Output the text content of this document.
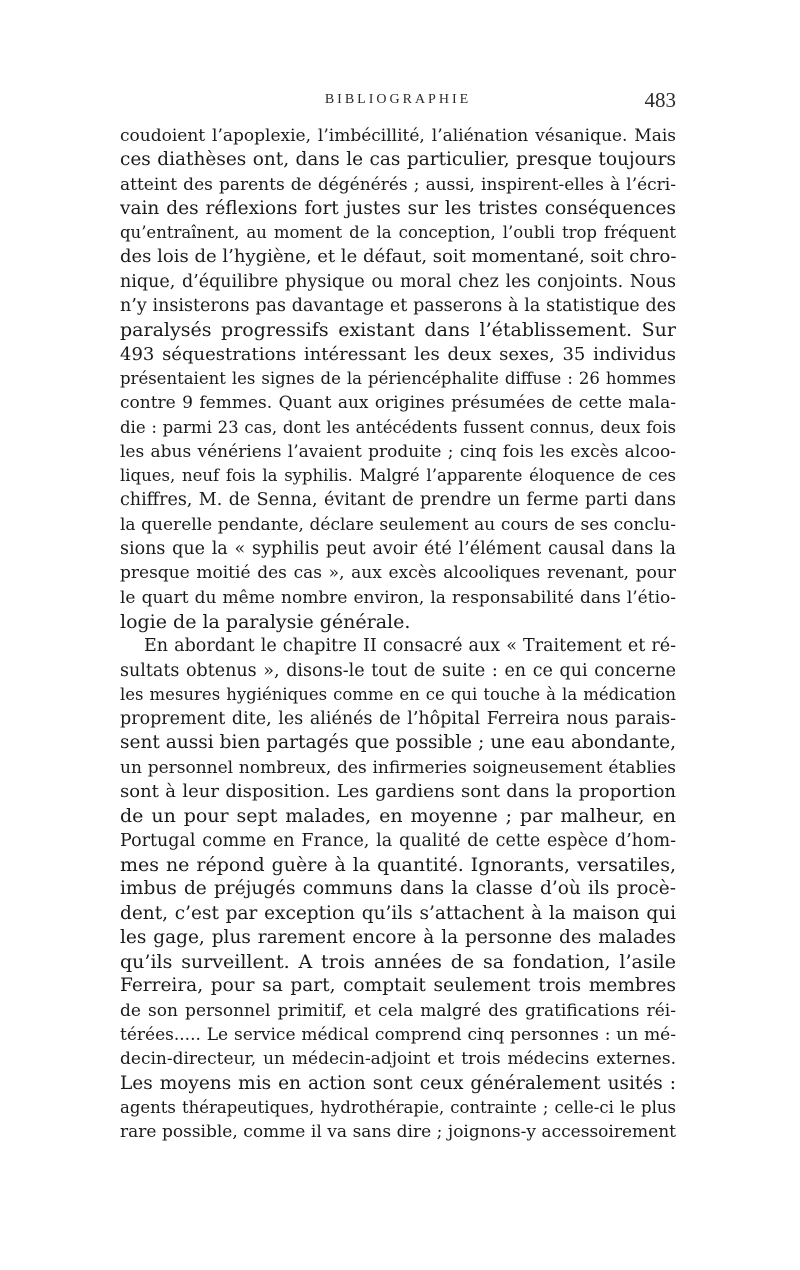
BIBLIOGRAPHIE	483
coudoient l’apoplexie, l’imbécillité, l’aliénation vésanique. Mais
ces diathèses ont, dans le cas particulier, presque toujours
atteint des parents de dégénérés ; aussi, inspirent-elles à l’écri-
vain des réflexions fort justes sur les tristes conséquences
qu’entraînent, au moment de la conception, l’oubli trop fréquent
des lois de l’hygiène, et le défaut, soit momentané, soit chro-
nique, d’équilibre physique ou moral chez les conjoints. Nous
n’y insisterons pas davantage et passerons à la statistique des
paralysés progressifs existant dans l’établissement. Sur
493 séquestrations intéressant les deux sexes, 35 individus
présentaient les signes de la périencéphalite diffuse : 26 hommes
contre 9 femmes. Quant aux origines présumées de cette mala-
die : parmi 23 cas, dont les antécédents fussent connus, deux fois
les abus vénériens l’avaient produite ; cinq fois les excès alcoo-
liques, neuf fois la syphilis. Malgré l’apparente éloquence de ces
chiffres, M. de Senna, évitant de prendre un ferme parti dans
la querelle pendante, déclare seulement au cours de ses conclu-
sions que la « syphilis peut avoir été l’élément causal dans la
presque moitié des cas », aux excès alcooliques revenant, pour
le quart du même nombre environ, la responsabilité dans l’étio-
logie de la paralysie générale.
En abordant le chapitre II consacré aux « Traitement et ré-
sultats obtenus », disons-le tout de suite : en ce qui concerne
les mesures hygiéniques comme en ce qui touche à la médication
proprement dite, les aliénés de l’hôpital Ferreira nous parais-
sent aussi bien partagés que possible ; une eau abondante,
un personnel nombreux, des infirmeries soigneusement établies
sont à leur disposition. Les gardiens sont dans la proportion
de un pour sept malades, en moyenne ; par malheur, en
Portugal comme en France, la qualité de cette espèce d’hom-
mes ne répond guère à la quantité. Ignorants, versatiles,
imbus de préjugés communs dans la classe d’où ils procè-
dent, c’est par exception qu’ils s’attachent à la maison qui
les gage, plus rarement encore à la personne des malades
qu’ils surveillent. A trois années de sa fondation, l’asile
Ferreira, pour sa part, comptait seulement trois membres
de son personnel primitif, et cela malgré des gratifications réi-
térées..... Le service médical comprend cinq personnes : un mé-
decin-directeur, un médecin-adjoint et trois médecins externes.
Les moyens mis en action sont ceux généralement usités :
agents thérapeutiques, hydrothérapie, contrainte ; celle-ci le plus
rare possible, comme il va sans dire ; joignons-y accessoirement
